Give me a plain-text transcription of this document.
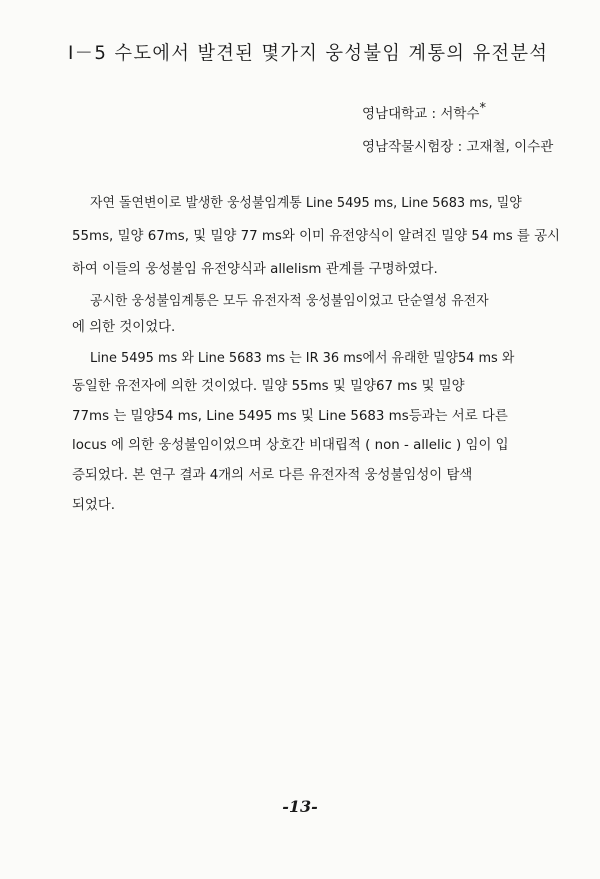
Ⅰ－5 수도에서 발견된 몇가지 웅성불임 계통의 유전분석
영남대학교 : 서학수*
영남작물시험장 : 고재철, 이수관
자연 돌연변이로 발생한 웅성불임계통 Line 5495 ms, Line 5683 ms, 밀양
55ms, 밀양 67ms, 및 밀양 77 ms와 이미 유전양식이 알려진 밀양 54 ms 를 공시
하여 이들의 웅성불임 유전양식과 allelism 관계를 구명하였다.
공시한 웅성불임계통은 모두 유전자적 웅성불임이었고 단순열성 유전자
에 의한 것이었다.
Line 5495 ms 와 Line 5683 ms 는 IR 36 ms에서 유래한 밀양54 ms 와
동일한 유전자에 의한 것이었다. 밀양 55ms 및 밀양67 ms 및 밀양
77ms 는 밀양54 ms, Line 5495 ms 및 Line 5683 ms등과는 서로 다른
locus 에 의한 웅성불임이었으며 상호간 비대립적 ( non - allelic ) 임이 입
증되었다. 본 연구 결과 4개의 서로 다른 유전자적 웅성불임성이 탐색
되었다.
-13-
